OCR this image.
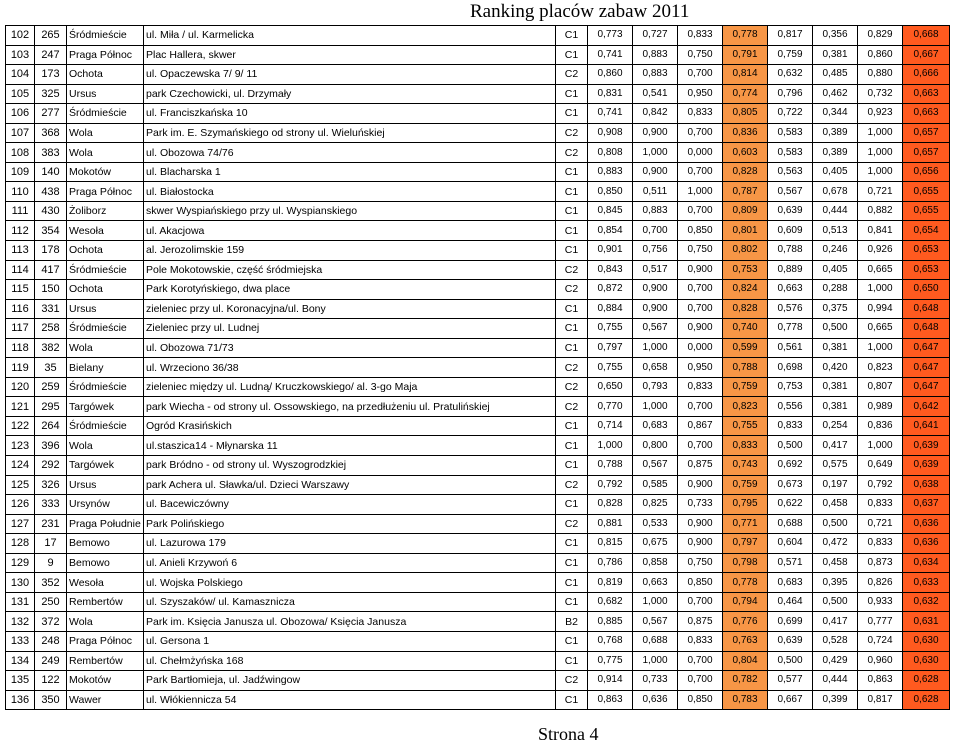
Ranking placów zabaw 2011
102	265	Śródmieście	ul. Miła / ul. Karmelicka	C1	0,773	0,727	0,833	0,778	0,817	0,356	0,829	0,668
103	247	Praga Północ	Plac Hallera, skwer	C1	0,741	0,883	0,750	0,791	0,759	0,381	0,860	0,667
104	173	Ochota	ul. Opaczewska 7/ 9/ 11	C2	0,860	0,883	0,700	0,814	0,632	0,485	0,880	0,666
105	325	Ursus	park Czechowicki, ul. Drzymały	C1	0,831	0,541	0,950	0,774	0,796	0,462	0,732	0,663
106	277	Śródmieście	ul. Franciszkańska 10	C1	0,741	0,842	0,833	0,805	0,722	0,344	0,923	0,663
107	368	Wola	Park im. E. Szymańskiego od strony ul. Wieluńskiej	C2	0,908	0,900	0,700	0,836	0,583	0,389	1,000	0,657
108	383	Wola	ul. Obozowa 74/76	C2	0,808	1,000	0,000	0,603	0,583	0,389	1,000	0,657
109	140	Mokotów	ul. Blacharska 1	C1	0,883	0,900	0,700	0,828	0,563	0,405	1,000	0,656
110	438	Praga Północ	ul. Białostocka	C1	0,850	0,511	1,000	0,787	0,567	0,678	0,721	0,655
111	430	Żoliborz	skwer Wyspiańskiego przy ul. Wyspianskiego	C1	0,845	0,883	0,700	0,809	0,639	0,444	0,882	0,655
112	354	Wesoła	ul. Akacjowa	C1	0,854	0,700	0,850	0,801	0,609	0,513	0,841	0,654
113	178	Ochota	al. Jerozolimskie 159	C1	0,901	0,756	0,750	0,802	0,788	0,246	0,926	0,653
114	417	Śródmieście	Pole Mokotowskie, część śródmiejska	C2	0,843	0,517	0,900	0,753	0,889	0,405	0,665	0,653
115	150	Ochota	Park Korotyńskiego, dwa place	C2	0,872	0,900	0,700	0,824	0,663	0,288	1,000	0,650
116	331	Ursus	zieleniec przy ul. Koronacyjna/ul. Bony	C1	0,884	0,900	0,700	0,828	0,576	0,375	0,994	0,648
117	258	Śródmieście	Zieleniec przy ul. Ludnej	C1	0,755	0,567	0,900	0,740	0,778	0,500	0,665	0,648
118	382	Wola	ul. Obozowa 71/73	C1	0,797	1,000	0,000	0,599	0,561	0,381	1,000	0,647
119	35	Bielany	ul. Wrzeciono 36/38	C2	0,755	0,658	0,950	0,788	0,698	0,420	0,823	0,647
120	259	Śródmieście	zieleniec między ul. Ludną/ Kruczkowskiego/ al. 3-go Maja	C2	0,650	0,793	0,833	0,759	0,753	0,381	0,807	0,647
121	295	Targówek	park Wiecha - od strony ul. Ossowskiego, na przedłużeniu ul. Pratulińskiej	C2	0,770	1,000	0,700	0,823	0,556	0,381	0,989	0,642
122	264	Śródmieście	Ogród Krasińskich	C1	0,714	0,683	0,867	0,755	0,833	0,254	0,836	0,641
123	396	Wola	ul.staszica14 - Młynarska 11	C1	1,000	0,800	0,700	0,833	0,500	0,417	1,000	0,639
124	292	Targówek	park Bródno - od strony ul. Wyszogrodzkiej	C1	0,788	0,567	0,875	0,743	0,692	0,575	0,649	0,639
125	326	Ursus	park Achera ul. Sławka/ul. Dzieci Warszawy	C2	0,792	0,585	0,900	0,759	0,673	0,197	0,792	0,638
126	333	Ursynów	ul. Bacewiczówny	C1	0,828	0,825	0,733	0,795	0,622	0,458	0,833	0,637
127	231	Praga Południe	Park Polińskiego	C2	0,881	0,533	0,900	0,771	0,688	0,500	0,721	0,636
128	17	Bemowo	ul. Lazurowa 179	C1	0,815	0,675	0,900	0,797	0,604	0,472	0,833	0,636
129	9	Bemowo	ul. Anieli Krzywoń 6	C1	0,786	0,858	0,750	0,798	0,571	0,458	0,873	0,634
130	352	Wesoła	ul. Wojska Polskiego	C1	0,819	0,663	0,850	0,778	0,683	0,395	0,826	0,633
131	250	Rembertów	ul. Szyszaków/ ul. Kamasznicza	C1	0,682	1,000	0,700	0,794	0,464	0,500	0,933	0,632
132	372	Wola	Park im. Księcia Janusza ul. Obozowa/ Księcia Janusza	B2	0,885	0,567	0,875	0,776	0,699	0,417	0,777	0,631
133	248	Praga Północ	ul. Gersona 1	C1	0,768	0,688	0,833	0,763	0,639	0,528	0,724	0,630
134	249	Rembertów	ul. Chełmżyńska 168	C1	0,775	1,000	0,700	0,804	0,500	0,429	0,960	0,630
135	122	Mokotów	Park Bartłomieja, ul. Jadźwingow	C2	0,914	0,733	0,700	0,782	0,577	0,444	0,863	0,628
136	350	Wawer	ul. Włókiennicza 54	C1	0,863	0,636	0,850	0,783	0,667	0,399	0,817	0,628
Strona 4
